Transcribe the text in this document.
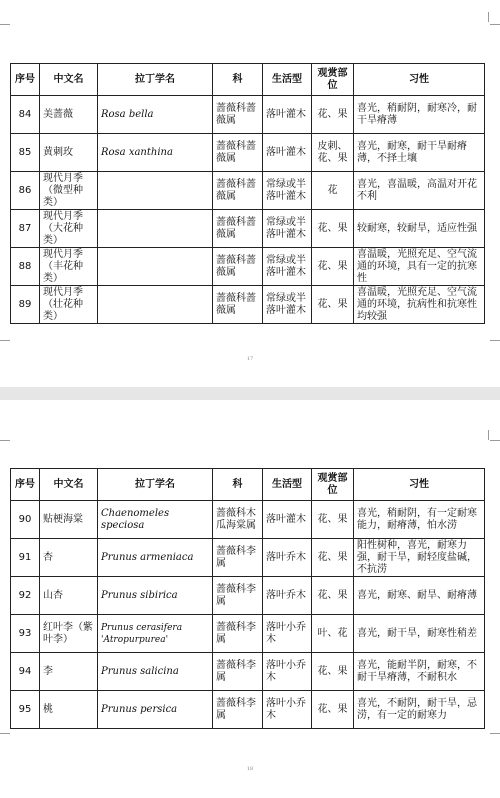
序号	中文名	拉丁学名	科	生活型	观赏部位	习性
84	美蔷薇	Rosa bella	蔷薇科蔷薇属	落叶灌木	花、果	喜光，稍耐阴，耐寒冷，耐干旱瘠薄
85	黄刺玫	Rosa xanthina	蔷薇科蔷薇属	落叶灌木	皮刺、花、果	喜光，耐寒，耐干旱耐瘠薄，不择土壤
86	现代月季（微型种类）		蔷薇科蔷薇属	常绿或半落叶灌木	花	喜光，喜温暖，高温对开花不利
87	现代月季（大花种类）		蔷薇科蔷薇属	常绿或半落叶灌木	花、果	较耐寒，较耐旱，适应性强
88	现代月季（丰花种类）		蔷薇科蔷薇属	常绿或半落叶灌木	花、果	喜温暖，光照充足、空气流通的环境，具有一定的抗寒性
89	现代月季（壮花种类）		蔷薇科蔷薇属	常绿或半落叶灌木	花、果	喜温暖，光照充足、空气流通的环境，抗病性和抗寒性均较强
17
序号	中文名	拉丁学名	科	生活型	观赏部位	习性
90	贴梗海棠	Chaenomeles speciosa	蔷薇科木瓜海棠属	落叶灌木	花、果	喜光，稍耐阴，有一定耐寒能力，耐瘠薄，怕水涝
91	杏	Prunus armeniaca	蔷薇科李属	落叶乔木	花、果	阳性树种，喜光，耐寒力强，耐干旱，耐轻度盐碱，不抗涝
92	山杏	Prunus sibirica	蔷薇科李属	落叶乔木	花、果	喜光，耐寒、耐旱、耐瘠薄
93	红叶李（紫叶李）	Prunus cerasifera 'Atropurpurea'	蔷薇科李属	落叶小乔木	叶、花	喜光，耐干旱，耐寒性稍差
94	李	Prunus salicina	蔷薇科李属	落叶小乔木	花、果	喜光，能耐半阴，耐寒，不耐干旱瘠薄，不耐积水
95	桃	Prunus persica	蔷薇科李属	落叶小乔木	花、果	喜光，不耐阴，耐干旱，忌涝，有一定的耐寒力
18
